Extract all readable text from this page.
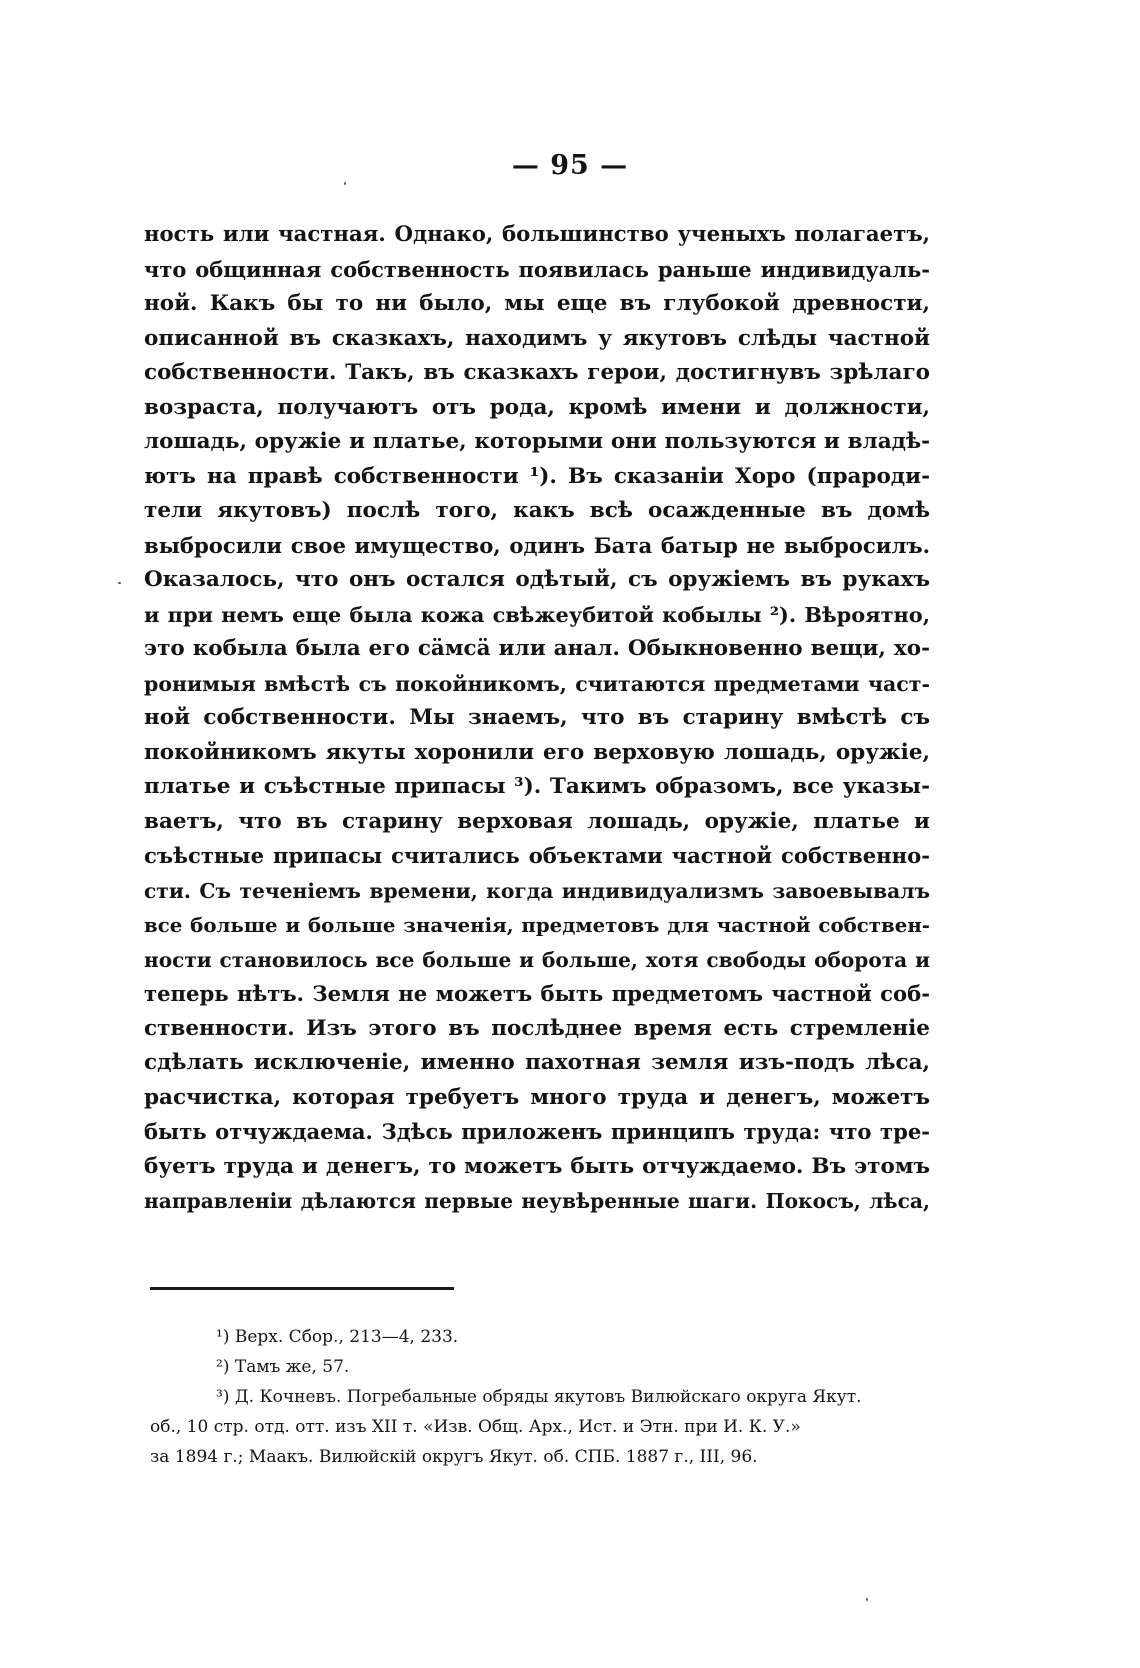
— 95 —
ность или частная. Однако, большинство ученыхъ полагаетъ,
что общинная собственность появилась раньше индивидуаль-
ной. Какъ бы то ни было, мы еще въ глубокой древности,
описанной въ сказкахъ, находимъ у якутовъ слѣды частной
собственности. Такъ, въ сказкахъ герои, достигнувъ зрѣлаго
возраста, получаютъ отъ рода, кромѣ имени и должности,
лошадь, оружіе и платье, которыми они пользуются и владѣ-
ютъ на правѣ собственности ¹). Въ сказаніи Хоро (прароди-
тели якутовъ) послѣ того, какъ всѣ осажденные въ домѣ
выбросили свое имущество, одинъ Бата батыр не выбросилъ.
Оказалось, что онъ остался одѣтый, съ оружіемъ въ рукахъ
и при немъ еще была кожа свѣжеубитой кобылы ²). Вѣроятно,
это кобыла была его сӓмсӓ или анал. Обыкновенно вещи, хо-
ронимыя вмѣстѣ съ покойникомъ, считаются предметами част-
ной собственности. Мы знаемъ, что въ старину вмѣстѣ съ
покойникомъ якуты хоронили его верховую лошадь, оружіе,
платье и съѣстные припасы ³). Такимъ образомъ, все указы-
ваетъ, что въ старину верховая лошадь, оружіе, платье и
съѣстные припасы считались объектами частной собственно-
сти. Съ теченіемъ времени, когда индивидуализмъ завоевывалъ
все больше и больше значенія, предметовъ для частной собствен-
ности становилось все больше и больше, хотя свободы оборота и
теперь нѣтъ. Земля не можетъ быть предметомъ частной соб-
ственности. Изъ этого въ послѣднее время есть стремленіе
сдѣлать исключеніе, именно пахотная земля изъ-подъ лѣса,
расчистка, которая требуетъ много труда и денегъ, можетъ
быть отчуждаема. Здѣсь приложенъ принципъ труда: что тре-
буетъ труда и денегъ, то можетъ быть отчуждаемо. Въ этомъ
направленіи дѣлаются первые неувѣренные шаги. Покосъ, лѣса,
¹) Верх. Сбор., 213—4, 233.
²) Тамъ же, 57.
³) Д. Кочневъ. Погребальные обряды якутовъ Вилюйскаго округа Якут.
об., 10 стр. отд. отт. изъ XII т. «Изв. Общ. Арх., Ист. и Этн. при И. К. У.»
за 1894 г.; Маакъ. Вилюйскій округъ Якут. об. СПБ. 1887 г., III, 96.
